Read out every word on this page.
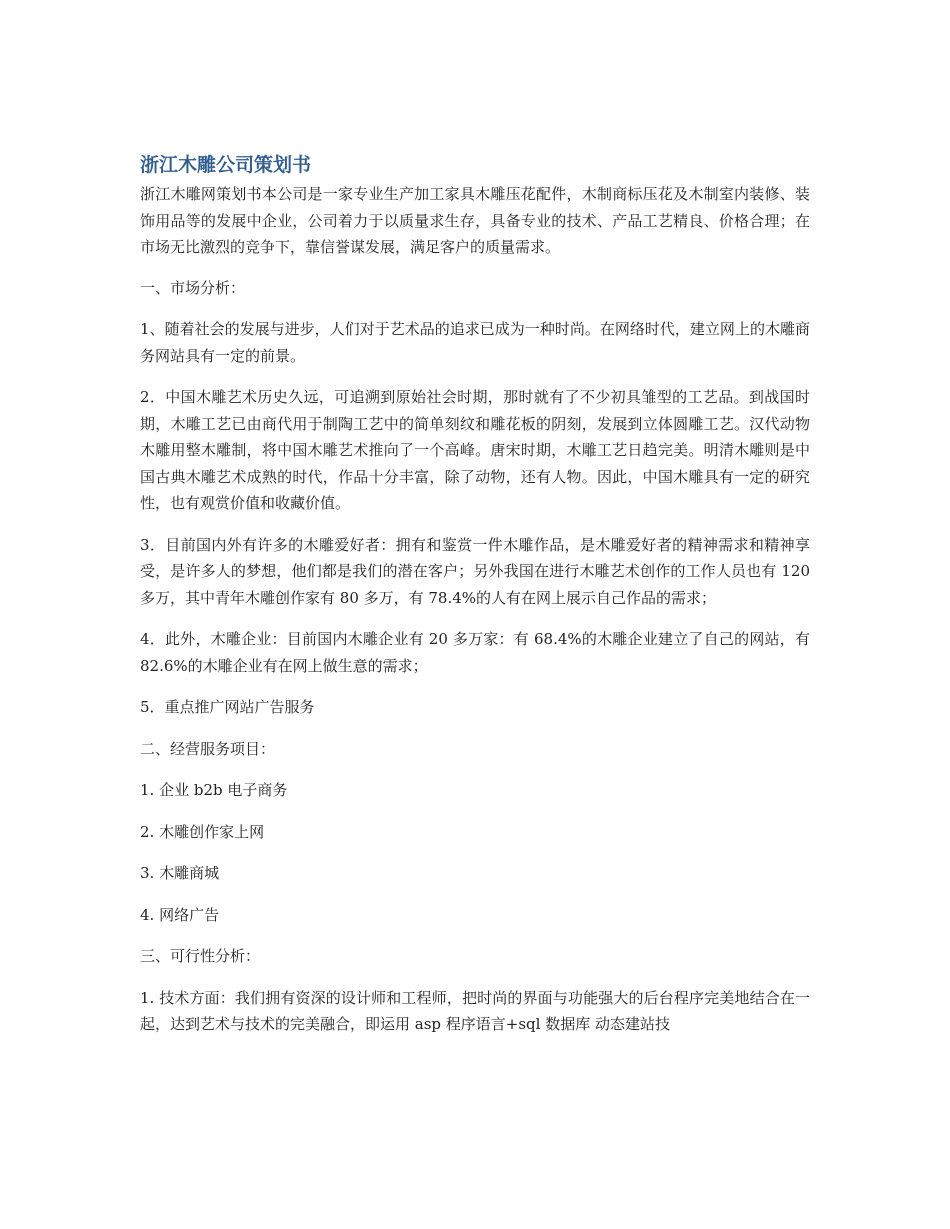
浙江木雕公司策划书

浙江木雕网策划书本公司是一家专业生产加工家具木雕压花配件，木制商标压花及木制室内装修、装饰用品等的发展中企业，公司着力于以质量求生存，具备专业的技术、产品工艺精良、价格合理；在市场无比激烈的竞争下，靠信誉谋发展，满足客户的质量需求。

一、市场分析：

1、随着社会的发展与进步，人们对于艺术品的追求已成为一种时尚。在网络时代，建立网上的木雕商务网站具有一定的前景。

2．中国木雕艺术历史久远，可追溯到原始社会时期，那时就有了不少初具雏型的工艺品。到战国时期，木雕工艺已由商代用于制陶工艺中的简单刻纹和雕花板的阴刻，发展到立体圆雕工艺。汉代动物木雕用整木雕制，将中国木雕艺术推向了一个高峰。唐宋时期，木雕工艺日趋完美。明清木雕则是中国古典木雕艺术成熟的时代，作品十分丰富，除了动物，还有人物。因此，中国木雕具有一定的研究性，也有观赏价值和收藏价值。

3．目前国内外有许多的木雕爱好者：拥有和鉴赏一件木雕作品，是木雕爱好者的精神需求和精神享受，是许多人的梦想，他们都是我们的潜在客户；另外我国在进行木雕艺术创作的工作人员也有 120 多万，其中青年木雕创作家有 80 多万，有 78.4%的人有在网上展示自己作品的需求；

4．此外，木雕企业：目前国内木雕企业有 20 多万家：有 68.4%的木雕企业建立了自己的网站，有 82.6%的木雕企业有在网上做生意的需求；

5．重点推广网站广告服务

二、经营服务项目：

1. 企业 b2b 电子商务

2. 木雕创作家上网

3. 木雕商城

4. 网络广告

三、可行性分析：

1. 技术方面：我们拥有资深的设计师和工程师，把时尚的界面与功能强大的后台程序完美地结合在一起，达到艺术与技术的完美融合，即运用 asp 程序语言+sql 数据库 动态建站技
